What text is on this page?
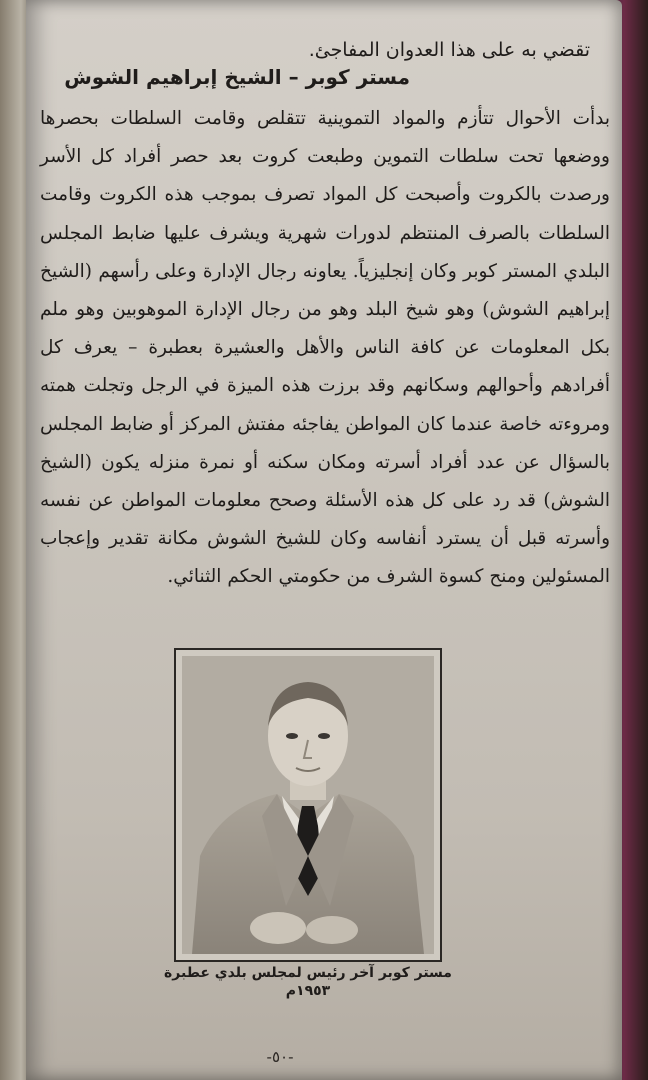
تقضي به على هذا العدوان المفاجئ.

مستر كوبر – الشيخ إبراهيم الشوش

بدأت الأحوال تتأزم والمواد التموينية تتقلص وقامت السلطات بحصرها ووضعها تحت سلطات التموين وطبعت كروت بعد حصر أفراد كل الأسر ورصدت بالكروت وأصبحت كل المواد تصرف بموجب هذه الكروت وقامت السلطات بالصرف المنتظم لدورات شهرية ويشرف عليها ضابط المجلس البلدي المستر كوبر وكان إنجليزياً. يعاونه رجال الإدارة وعلى رأسهم (الشيخ إبراهيم الشوش) وهو شيخ البلد وهو من رجال الإدارة الموهوبين وهو ملم بكل المعلومات عن كافة الناس والأهل والعشيرة بعطبرة – يعرف كل أفرادهم وأحوالهم وسكانهم وقد برزت هذه الميزة في الرجل وتجلت همته ومروءته خاصة عندما كان المواطن يفاجئه مفتش المركز أو ضابط المجلس بالسؤال عن عدد أفراد أسرته ومكان سكنه أو نمرة منزله يكون (الشيخ الشوش) قد رد على كل هذه الأسئلة وصحح معلومات المواطن عن نفسه وأسرته قبل أن يسترد أنفاسه وكان للشيخ الشوش مكانة تقدير وإعجاب المسئولين ومنح كسوة الشرف من حكومتي الحكم الثنائي.

مستر كوبر آخر رئيس لمجلس بلدي عطبرة
١٩٥٣م
-٥٠-
